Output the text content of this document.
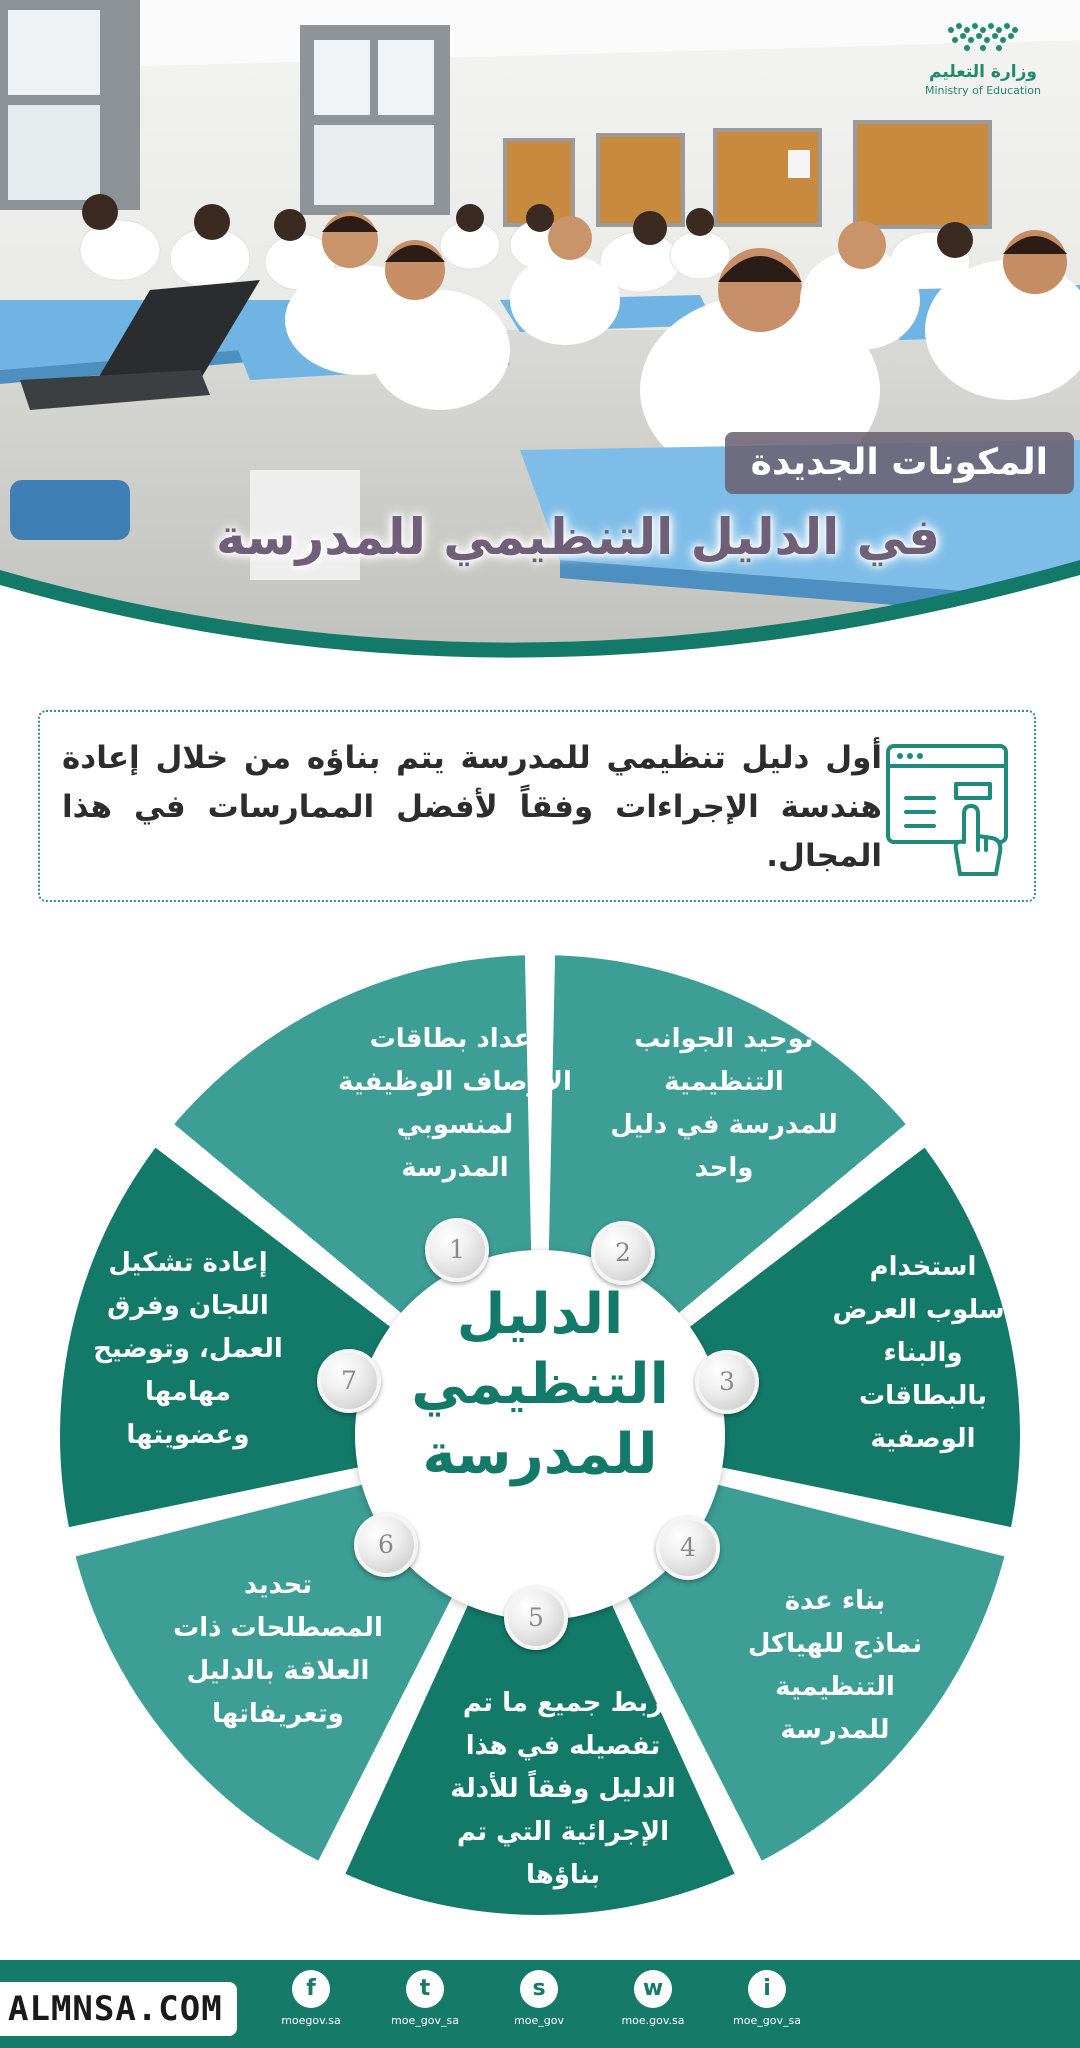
وزارة التعليم
Ministry of Education
المكونات الجديدة
في الدليل التنظيمي للمدرسة

أول دليل تنظيمي للمدرسة يتم بناؤه من خلال إعادة هندسة الإجراءات وفقاً لأفضل الممارسات في هذا المجال.

إعداد بطاقات
الأوصاف الوظيفية
لمنسوبي
المدرسة
توحيد الجوانب
التنظيمية
للمدرسة في دليل
واحد
استخدام
أسلوب العرض
والبناء
بالبطاقات
الوصفية
بناء عدة
نماذج للهياكل
التنظيمية
للمدرسة
ربط جميع ما تم
تفصيله في هذا
الدليل وفقاً للأدلة
الإجرائية التي تم
بناؤها
تحديد
المصطلحات ذات
العلاقة بالدليل
وتعريفاتها
إعادة تشكيل
اللجان وفرق
العمل، وتوضيح
مهامها
وعضويتها
الدليل
التنظيمي
للمدرسة
1	2
3
4
5
6
7
ALMNSA.COM
f
moegov.sa
t
moe_gov_sa
s
moe_gov
w
moe.gov.sa
i
moe_gov_sa
